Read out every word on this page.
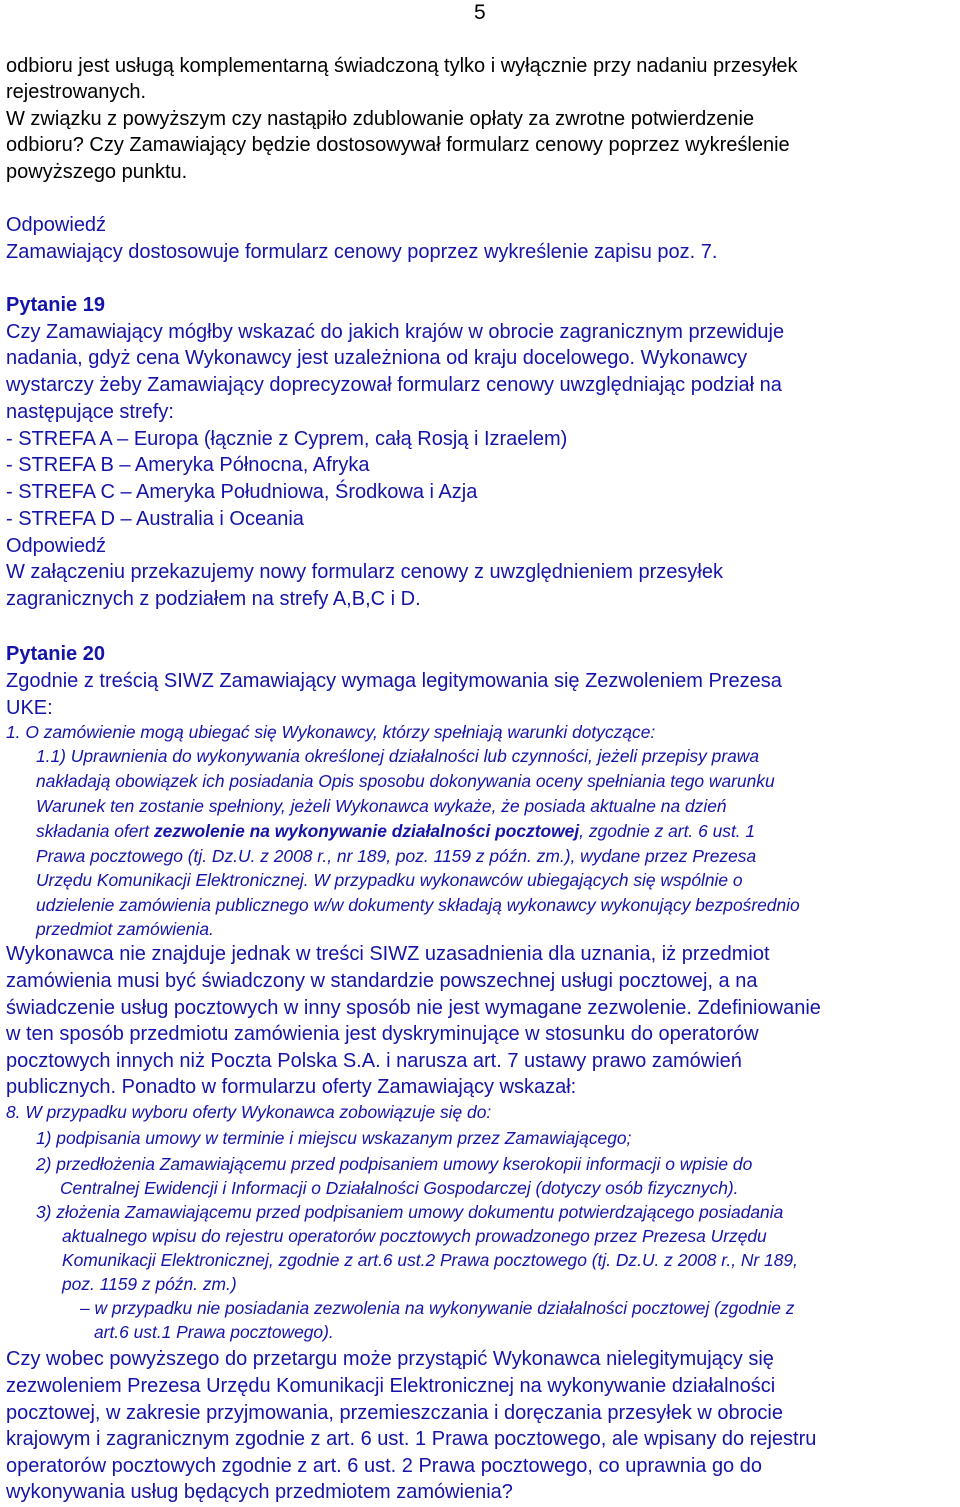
5
odbioru jest usługą komplementarną świadczoną tylko i wyłącznie przy nadaniu przesyłek
rejestrowanych.
W związku z powyższym czy nastąpiło zdublowanie opłaty za zwrotne potwierdzenie
odbioru? Czy Zamawiający będzie dostosowywał formularz cenowy poprzez wykreślenie
powyższego punktu.
Odpowiedź
Zamawiający dostosowuje formularz cenowy poprzez wykreślenie zapisu poz. 7.
Pytanie 19
Czy Zamawiający mógłby wskazać do jakich krajów w obrocie zagranicznym przewiduje
nadania, gdyż cena Wykonawcy jest uzależniona od kraju docelowego. Wykonawcy
wystarczy żeby Zamawiający doprecyzował formularz cenowy uwzględniając podział na
następujące strefy:
- STREFA A – Europa (łącznie z Cyprem, całą Rosją i Izraelem)
- STREFA B – Ameryka Północna, Afryka
- STREFA C – Ameryka Południowa, Środkowa i Azja
- STREFA D – Australia i Oceania
Odpowiedź
W załączeniu przekazujemy nowy formularz cenowy z uwzględnieniem przesyłek
zagranicznych z podziałem na strefy A,B,C i D.
Pytanie 20
Zgodnie z treścią SIWZ Zamawiający wymaga legitymowania się Zezwoleniem Prezesa
UKE:
1. O zamówienie mogą ubiegać się Wykonawcy, którzy spełniają warunki dotyczące:
1.1) Uprawnienia do wykonywania określonej działalności lub czynności, jeżeli przepisy prawa
nakładają obowiązek ich posiadania Opis sposobu dokonywania oceny spełniania tego warunku
Warunek ten zostanie spełniony, jeżeli Wykonawca wykaże, że posiada aktualne na dzień
składania ofert zezwolenie na wykonywanie działalności pocztowej, zgodnie z art. 6 ust. 1
Prawa pocztowego (tj. Dz.U. z 2008 r., nr 189, poz. 1159 z późn. zm.), wydane przez Prezesa
Urzędu Komunikacji Elektronicznej. W przypadku wykonawców ubiegających się wspólnie o
udzielenie zamówienia publicznego w/w dokumenty składają wykonawcy wykonujący bezpośrednio
przedmiot zamówienia.
Wykonawca nie znajduje jednak w treści SIWZ uzasadnienia dla uznania, iż przedmiot
zamówienia musi być świadczony w standardzie powszechnej usługi pocztowej, a na
świadczenie usług pocztowych w inny sposób nie jest wymagane zezwolenie. Zdefiniowanie
w ten sposób przedmiotu zamówienia jest dyskryminujące w stosunku do operatorów
pocztowych innych niż Poczta Polska S.A. i narusza art. 7 ustawy prawo zamówień
publicznych. Ponadto w formularzu oferty Zamawiający wskazał:
8. W przypadku wyboru oferty Wykonawca zobowiązuje się do:
1) podpisania umowy w terminie i miejscu wskazanym przez Zamawiającego;
2) przedłożenia Zamawiającemu przed podpisaniem umowy kserokopii informacji o wpisie do
Centralnej Ewidencji i Informacji o Działalności Gospodarczej (dotyczy osób fizycznych).
3) złożenia Zamawiającemu przed podpisaniem umowy dokumentu potwierdzającego posiadania
aktualnego wpisu do rejestru operatorów pocztowych prowadzonego przez Prezesa Urzędu
Komunikacji Elektronicznej, zgodnie z art.6 ust.2 Prawa pocztowego (tj. Dz.U. z 2008 r., Nr 189,
poz. 1159 z późn. zm.)
– w przypadku nie posiadania zezwolenia na wykonywanie działalności pocztowej (zgodnie z
art.6 ust.1 Prawa pocztowego).
Czy wobec powyższego do przetargu może przystąpić Wykonawca nielegitymujący się
zezwoleniem Prezesa Urzędu Komunikacji Elektronicznej na wykonywanie działalności
pocztowej, w zakresie przyjmowania, przemieszczania i doręczania przesyłek w obrocie
krajowym i zagranicznym zgodnie z art. 6 ust. 1 Prawa pocztowego, ale wpisany do rejestru
operatorów pocztowych zgodnie z art. 6 ust. 2 Prawa pocztowego, co uprawnia go do
wykonywania usług będących przedmiotem zamówienia?
